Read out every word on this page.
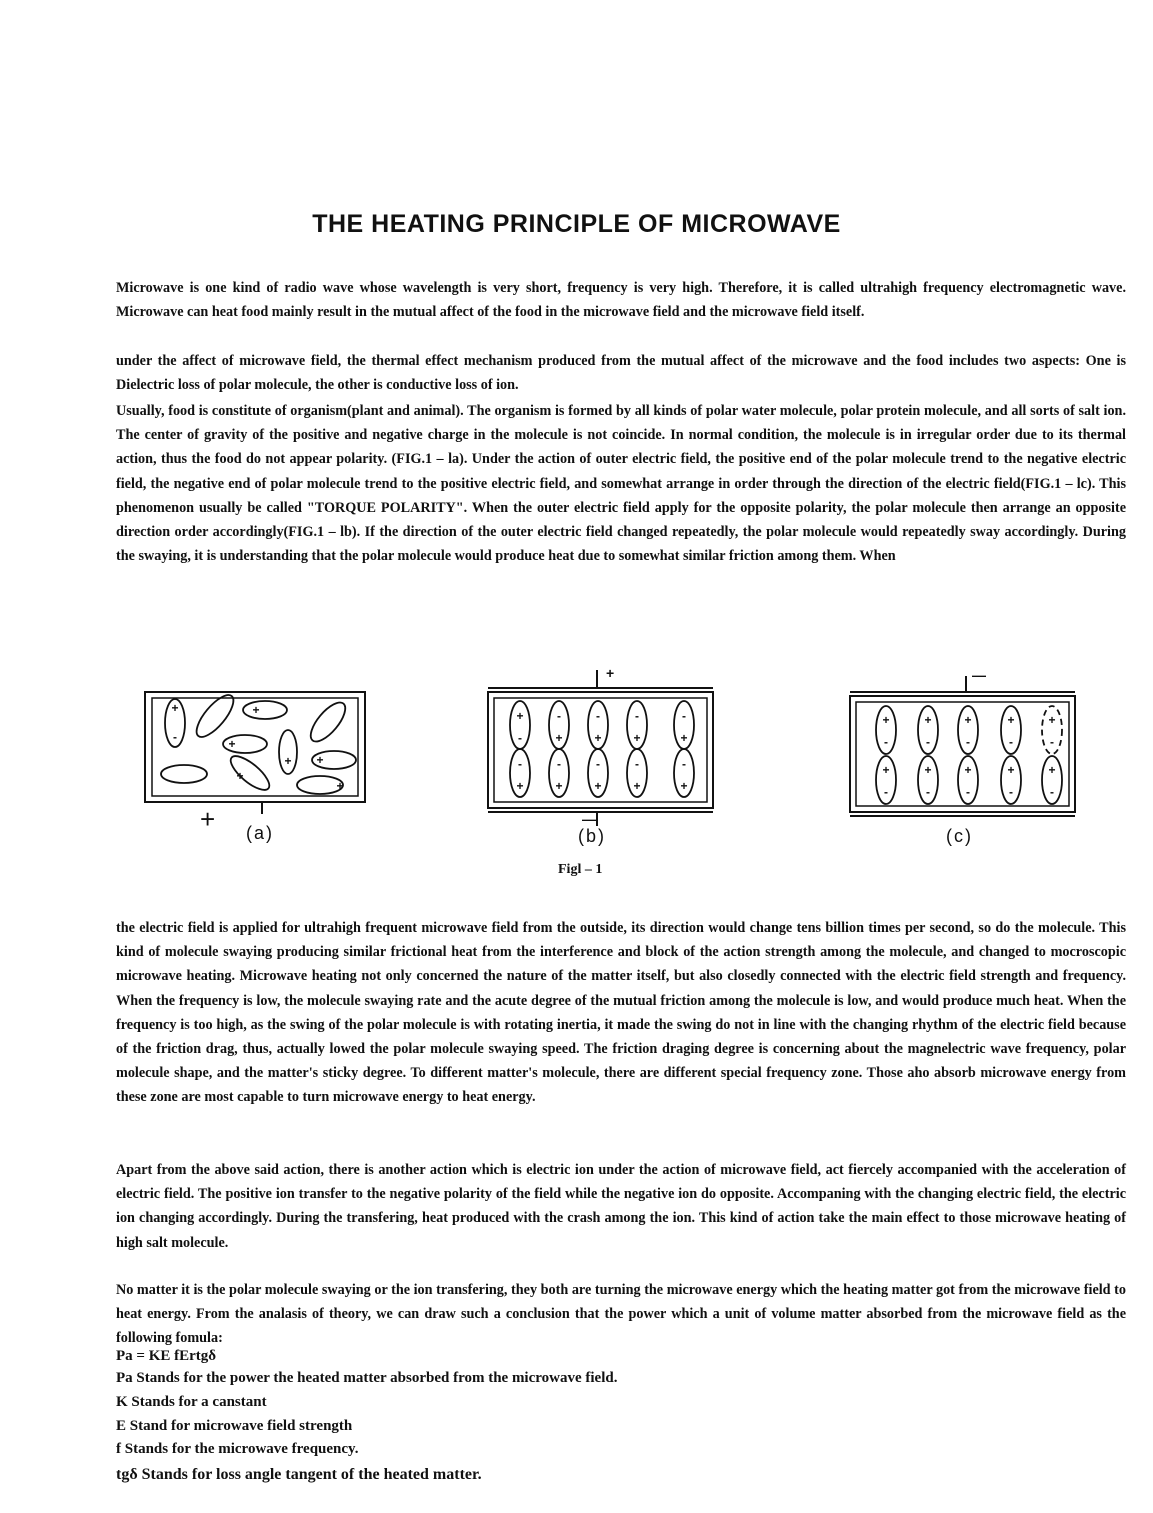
THE HEATING PRINCIPLE OF MICROWAVE

Microwave is one kind of radio wave whose wavelength is very short, frequency is very high. Therefore, it is called ultrahigh frequency electromagnetic wave. Microwave can heat food mainly result in the mutual affect of the food in the microwave field and the microwave field itself.

under the affect of microwave field, the thermal effect mechanism produced from the mutual affect of the microwave and the food includes two aspects: One is Dielectric loss of polar molecule, the other is conductive loss of ion.

Usually, food is constitute of organism(plant and animal). The organism is formed by all kinds of polar water molecule, polar protein molecule, and all sorts of salt ion. The center of gravity of the positive and negative charge in the molecule is not coincide. In normal condition, the molecule is in irregular order due to its thermal action, thus the food do not appear polarity. (FIG.1 – la). Under the action of outer electric field, the positive end of the polar molecule trend to the negative electric field, the negative end of polar molecule trend to the positive electric field, and somewhat arrange in order through the direction of the electric field(FIG.1 – lc). This phenomenon usually be called "TORQUE POLARITY". When the outer electric field apply for the opposite polarity, the polar molecule then arrange an opposite direction order accordingly(FIG.1 – lb). If the direction of the outer electric field changed repeatedly, the polar molecule would repeatedly sway accordingly. During the swaying, it is understanding that the polar molecule would produce heat due to somewhat similar friction among them. When

+
-
+
+
+
+
+
+
+
-
-
+
-
+
-
+
-
+
-
+
-
+
-
+
-
+
-
+
+
-
+
-
+
-
+
-
+
-
+
-
+
-
+
-
+
-
+
-
+
+
—
—
(a)	(b)	(c)
Figl – 1

the electric field is applied for ultrahigh frequent microwave field from the outside, its direction would change tens billion times per second, so do the molecule. This kind of molecule swaying producing similar frictional heat from the interference and block of the action strength among the molecule, and changed to mocroscopic microwave heating. Microwave heating not only concerned the nature of the matter itself, but also closedly connected with the electric field strength and frequency. When the frequency is low, the molecule swaying rate and the acute degree of the mutual friction among the molecule is low, and would produce much heat. When the frequency is too high, as the swing of the polar molecule is with rotating inertia, it made the swing do not in line with the changing rhythm of the electric field because of the friction drag, thus, actually lowed the polar molecule swaying speed. The friction draging degree is concerning about the magnelectric wave frequency, polar molecule shape, and the matter's sticky degree. To different matter's molecule, there are different special frequency zone. Those aho absorb microwave energy from these zone are most capable to turn microwave energy to heat energy.

Apart from the above said action, there is another action which is electric ion under the action of microwave field, act fiercely accompanied with the acceleration of electric field. The positive ion transfer to the negative polarity of the field while the negative ion do opposite. Accompaning with the changing electric field, the electric ion changing accordingly. During the transfering, heat produced with the crash among the ion. This kind of action take the main effect to those microwave heating of high salt molecule.

No matter it is the polar molecule swaying or the ion transfering, they both are turning the microwave energy which the heating matter got from the microwave field to heat energy. From the analasis of theory, we can draw such a conclusion that the power which a unit of volume matter absorbed from the microwave field as the following fomula:

Pa = KE fErtgδ
Pa Stands for the power the heated matter absorbed from the microwave field.
K Stands for a canstant
E Stand for microwave field strength
f Stands for the microwave frequency.
tgδ Stands for loss angle tangent of the heated matter.
